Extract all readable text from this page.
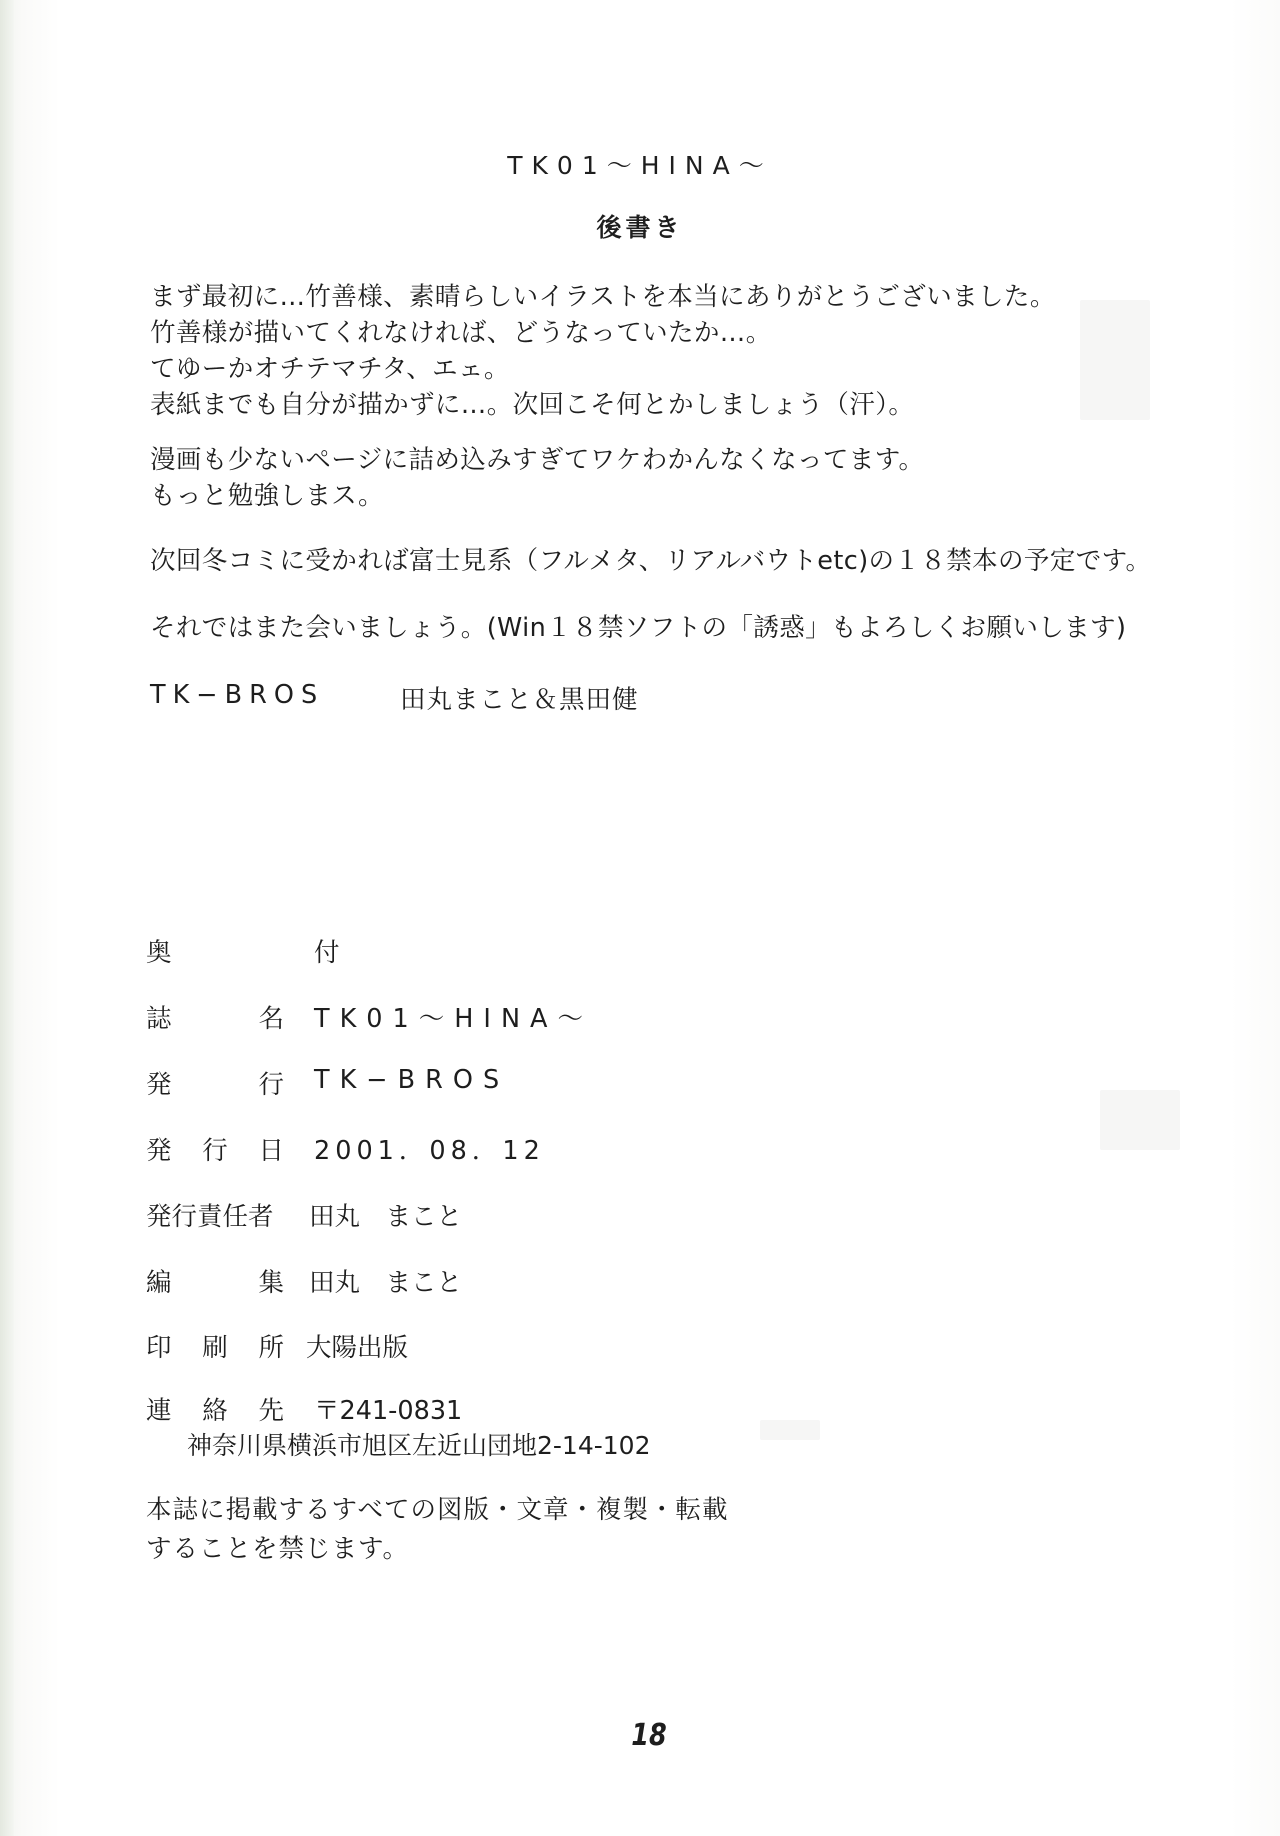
TK01〜HINA〜
後書き
まず最初に…竹善様、素晴らしいイラストを本当にありがとうございました。
竹善様が描いてくれなければ、どうなっていたか…。
てゆーかオチテマチタ、エェ。
表紙までも自分が描かずに…。次回こそ何とかしましょう（汗）。
漫画も少ないページに詰め込みすぎてワケわかんなくなってます。
もっと勉強しまス。
次回冬コミに受かれば富士見系（フルメタ、リアルバウトetc)の１８禁本の予定です。
それではまた会いましょう。(Win１８禁ソフトの「誘惑」もよろしくお願いします)
TK−BROS	田丸まこと＆黒田健
奥	付
誌	名 TK01〜HINA〜
発	行 TK−BROS
発 行 日 2001．08．12
発行責任者 田丸　まこと
編	集 田丸　まこと
印 刷 所 大陽出版
連 絡 先 〒241-0831
神奈川県横浜市旭区左近山団地2-14-102
本誌に掲載するすべての図版・文章・複製・転載
することを禁じます。
18
